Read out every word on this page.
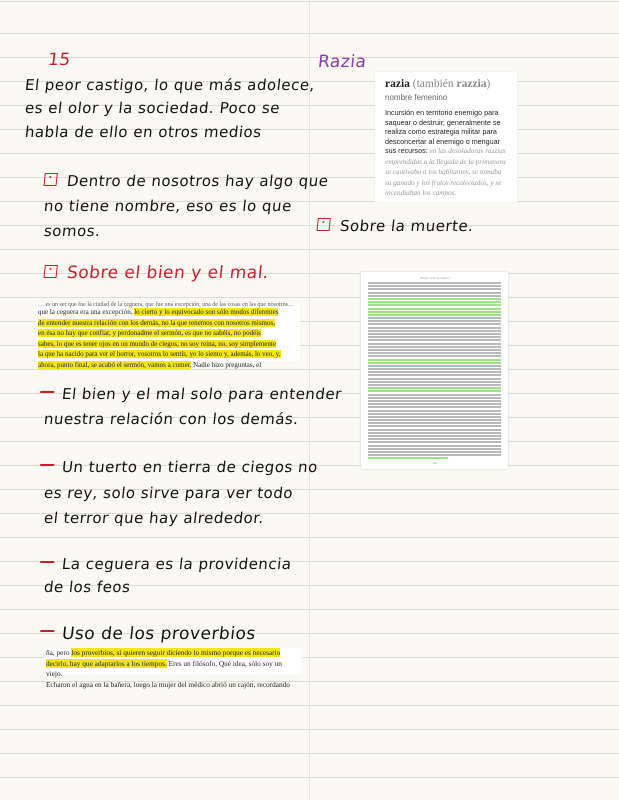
15
El peor castigo, lo que más adolece,
es el olor y la sociedad. Poco se
habla de ello en otros medios
Dentro de nosotros hay algo que
no tiene nombre, eso es lo que
somos.
Sobre el bien y el mal.

… es un ser que fue la ciudad de la ceguera, que fue una excepción, una de las cosas en las que nosotros…

que la ceguera era una excepción, lo cierto y lo equivocado son sólo modos diferentes

de entender nuestra relación con los demás, no la que tenemos con nosotros mismos,

en ésa no hay que confiar, y perdonadme el sermón, es que no sabéis, no podéis

sabes, lo que es tener ojos en un mundo de ciegos, no soy reina, no, soy simplemente

la que ha nacido para ver el horror, vosotros lo sentís, yo lo siento y, además, lo veo, y,

ahora, punto final, se acabó el sermón, vamos a comer. Nadie hizo preguntas, el

El bien y el mal solo para entender
nuestra relación con los demás.
Un tuerto en tierra de ciegos no
es rey, solo sirve para ver todo
el terror que hay alrededor.
La ceguera es la providencia
de los feos
Uso de los proverbios

ña, pero los proverbios, si quieren seguir diciendo lo mismo porque es necesario

decirlo, hay que adaptarlos a los tiempos. Eres un filósofo, Qué idea, sólo soy un viejo.

Echaron el agua en la bañera, luego la mujer del médico abrió un cajón, recordando

Razia
razia (también razzia)
nombre femenino
Incursión en territorio enemigo para saquear o destruir; generalmente se realiza como estrategia militar para desconcertar al enemigo o menguar sus recursos: en las desoladoras razzias emprendidas a la llegada de la primavera se cautivaba a los habitantes, se tomaba su ganado y los frutos recolectados, y se incendiaban los campos.
Sobre la muerte.
Ensayo sobre la ceguera
316
